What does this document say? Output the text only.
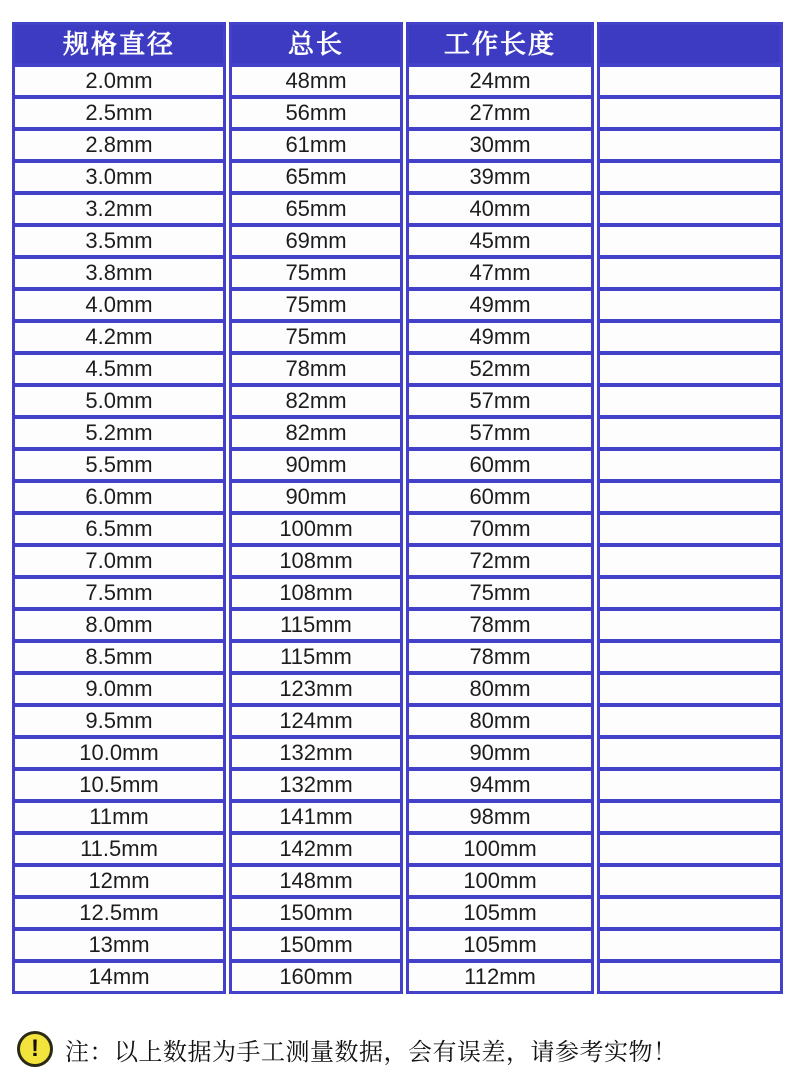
规格直径
2.0mm
2.5mm
2.8mm
3.0mm
3.2mm
3.5mm
3.8mm
4.0mm
4.2mm
4.5mm
5.0mm
5.2mm
5.5mm
6.0mm
6.5mm
7.0mm
7.5mm
8.0mm
8.5mm
9.0mm
9.5mm
10.0mm
10.5mm
11mm
11.5mm
12mm
12.5mm
13mm
14mm
总长
48mm
56mm
61mm
65mm
65mm
69mm
75mm
75mm
75mm
78mm
82mm
82mm
90mm
90mm
100mm
108mm
108mm
115mm
115mm
123mm
124mm
132mm
132mm
141mm
142mm
148mm
150mm
150mm
160mm
工作长度
24mm
27mm
30mm
39mm
40mm
45mm
47mm
49mm
49mm
52mm
57mm
57mm
60mm
60mm
70mm
72mm
75mm
78mm
78mm
80mm
80mm
90mm
94mm
98mm
100mm
100mm
105mm
105mm
112mm
!	注：以上数据为手工测量数据，会有误差，请参考实物！
